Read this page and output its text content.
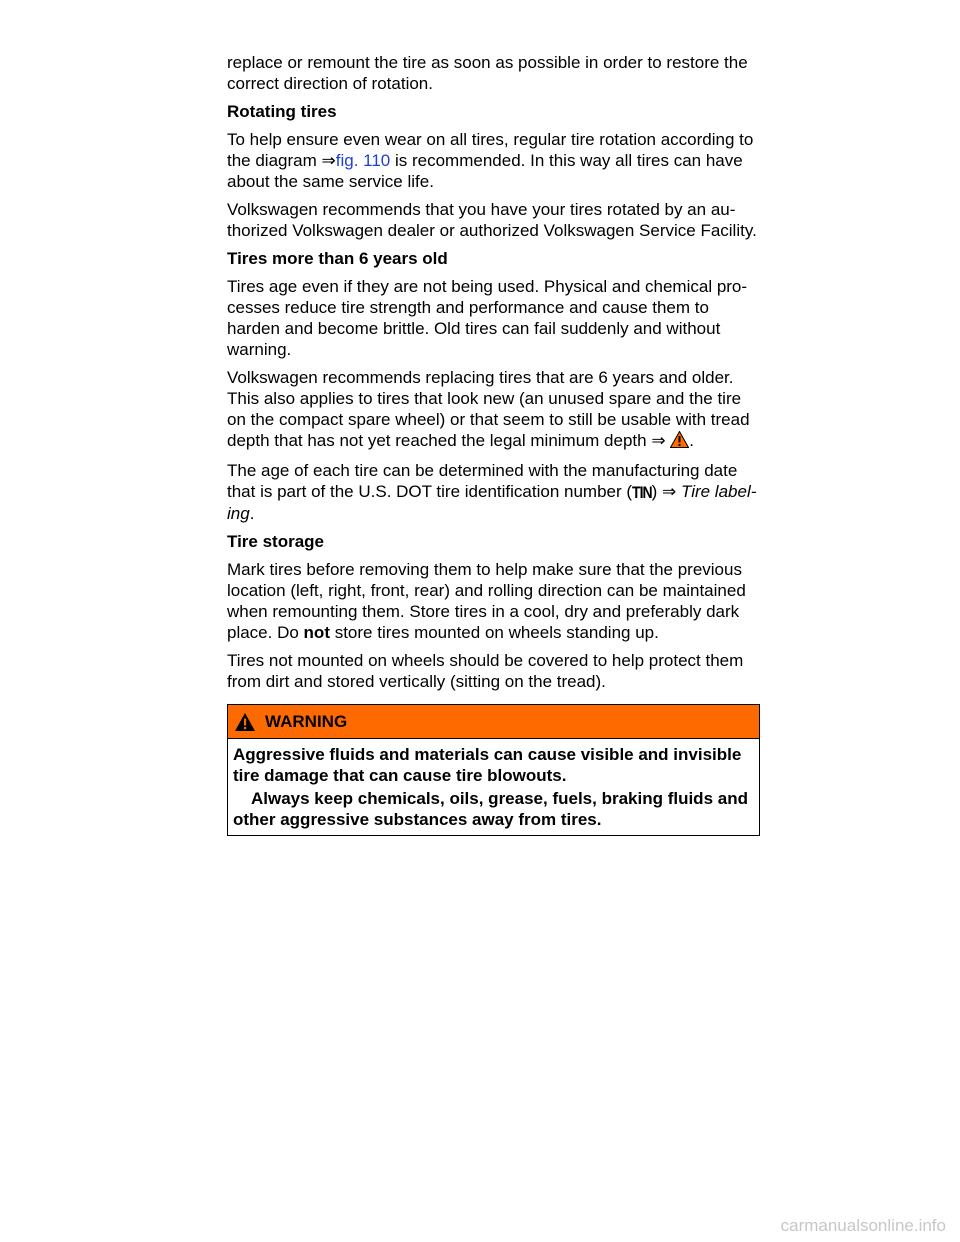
replace or remount the tire as soon as possible in order to restore the
correct direction of rotation.

Rotating tires

To help ensure even wear on all tires, regular tire rotation according to the diagram ⇒fig. 110 is recommended. In this way all tires can have about the same service life.

Volkswagen recommends that you have your tires rotated by an authorized Volkswagen dealer or authorized Volkswagen Service Facility.

Tires more than 6 years old

Tires age even if they are not being used. Physical and chemical processes reduce tire strength and performance and cause them to harden and become brittle. Old tires can fail suddenly and without warning.

Volkswagen recommends replacing tires that are 6 years and older. This also applies to tires that look new (an unused spare and the tire on the compact spare wheel) or that seem to still be usable with tread depth that has not yet reached the legal minimum depth ⇒ .

The age of each tire can be determined with the manufacturing date that is part of the U.S. DOT tire identification number (TIN) ⇒ Tire labeling.

Tire storage

Mark tires before removing them to help make sure that the previous location (left, right, front, rear) and rolling direction can be maintained when remounting them. Store tires in a cool, dry and preferably dark place. Do not store tires mounted on wheels standing up.

Tires not mounted on wheels should be covered to help protect them from dirt and stored vertically (sitting on the tread).

WARNING

Aggressive fluids and materials can cause visible and invisible tire damage that can cause tire blowouts.

Always keep chemicals, oils, grease, fuels, braking fluids and other aggressive substances away from tires.

carmanualsonline.info
